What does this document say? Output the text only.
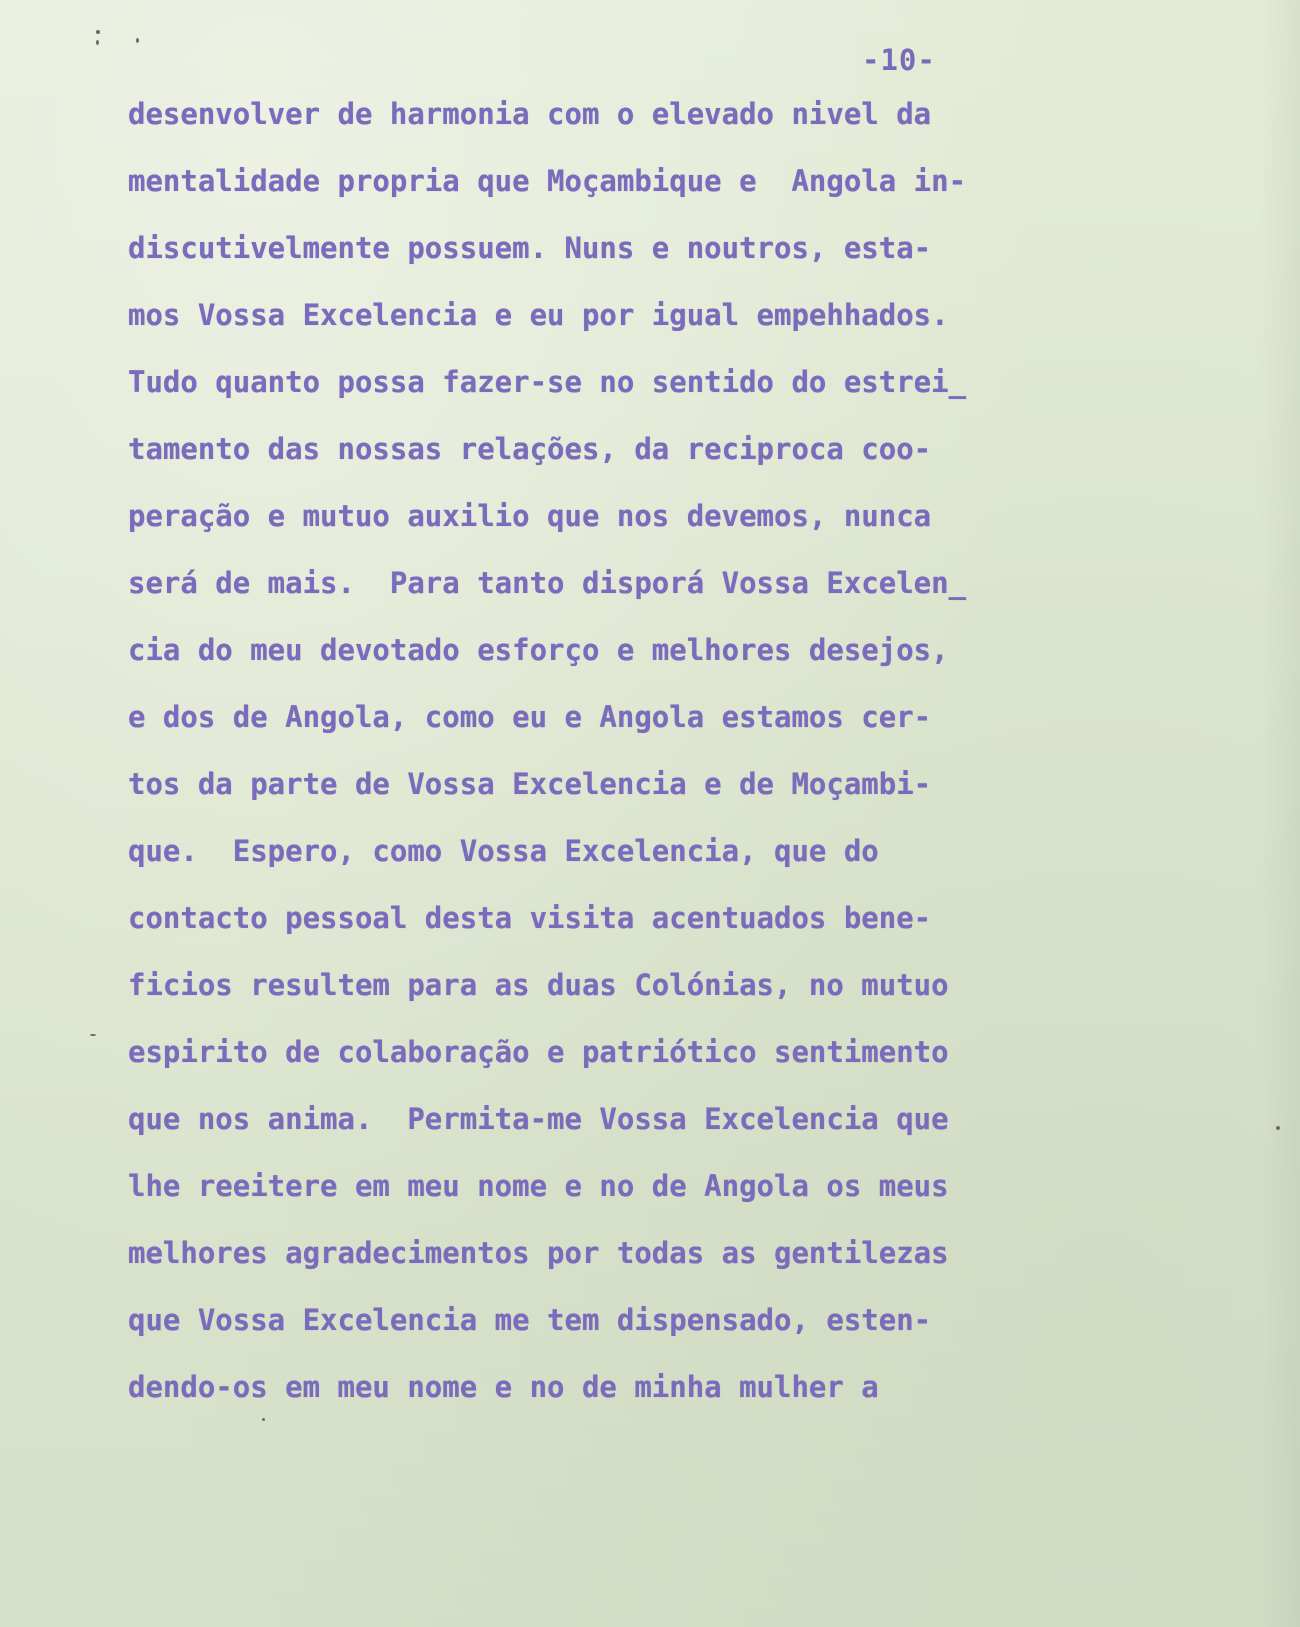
-10-
desenvolver de harmonia com o elevado nivel da
mentalidade propria que Moçambique e  Angola in-
discutivelmente possuem. Nuns e noutros, esta-
mos Vossa Excelencia e eu por igual empehhados.
Tudo quanto possa fazer-se no sentido do estrei_
tamento das nossas relações, da reciproca coo-
peração e mutuo auxilio que nos devemos, nunca
será de mais.  Para tanto disporá Vossa Excelen_
cia do meu devotado esforço e melhores desejos,
e dos de Angola, como eu e Angola estamos cer-
tos da parte de Vossa Excelencia e de Moçambi-
que.  Espero, como Vossa Excelencia, que do
contacto pessoal desta visita acentuados bene-
ficios resultem para as duas Colónias, no mutuo
espirito de colaboração e patriótico sentimento
que nos anima.  Permita-me Vossa Excelencia que
lhe reeitere em meu nome e no de Angola os meus
melhores agradecimentos por todas as gentilezas
que Vossa Excelencia me tem dispensado, esten-
dendo-os em meu nome e no de minha mulher a
